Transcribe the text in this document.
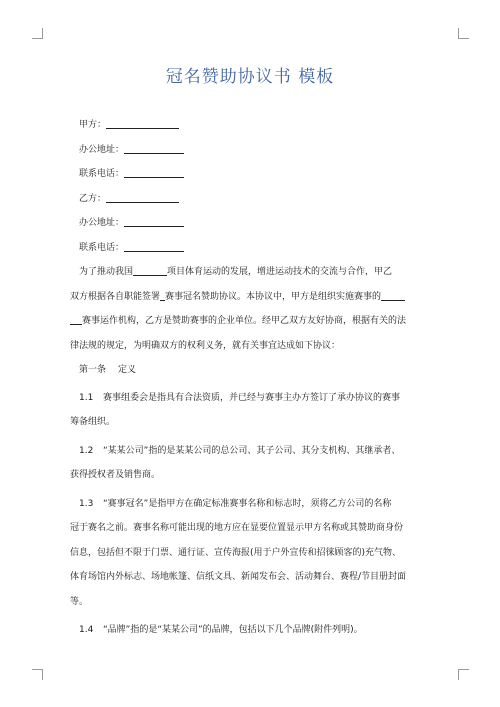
冠名赞助协议书 模板
甲方：
办公地址：
联系电话：
乙方：
办公地址：
联系电话：

为了推动我国	项目体育运动的发展，增进运动技术的交流与合作，甲乙

双方根据各自职能签署 赛事冠名赞助协议。本协议中，甲方是组织实施赛事的

赛事运作机构，乙方是赞助赛事的企业单位。经甲乙双方友好协商，根据有关的法

律法规的规定，为明确双方的权利义务，就有关事宜达成如下协议：

第一条 定义

1.1 赛事组委会是指具有合法资质，并已经与赛事主办方签订了承办协议的赛事

筹备组织。

1.2 “某某公司”指的是某某公司的总公司、其子公司、其分支机构、其继承者、

获得授权者及销售商。

1.3 “赛事冠名”是指甲方在确定标准赛事名称和标志时，须将乙方公司的名称

冠于赛名之前。赛事名称可能出现的地方应在显要位置显示甲方名称或其赞助商身份

信息，包括但不限于门票、通行证、宣传海报(用于户外宣传和招徕顾客的)充气物、

体育场馆内外标志、场地帐篷、信纸文具、新闻发布会、活动舞台、赛程/节目册封面

等。

1.4 “品牌”指的是“某某公司”的品牌，包括以下几个品牌(附件列明)。
